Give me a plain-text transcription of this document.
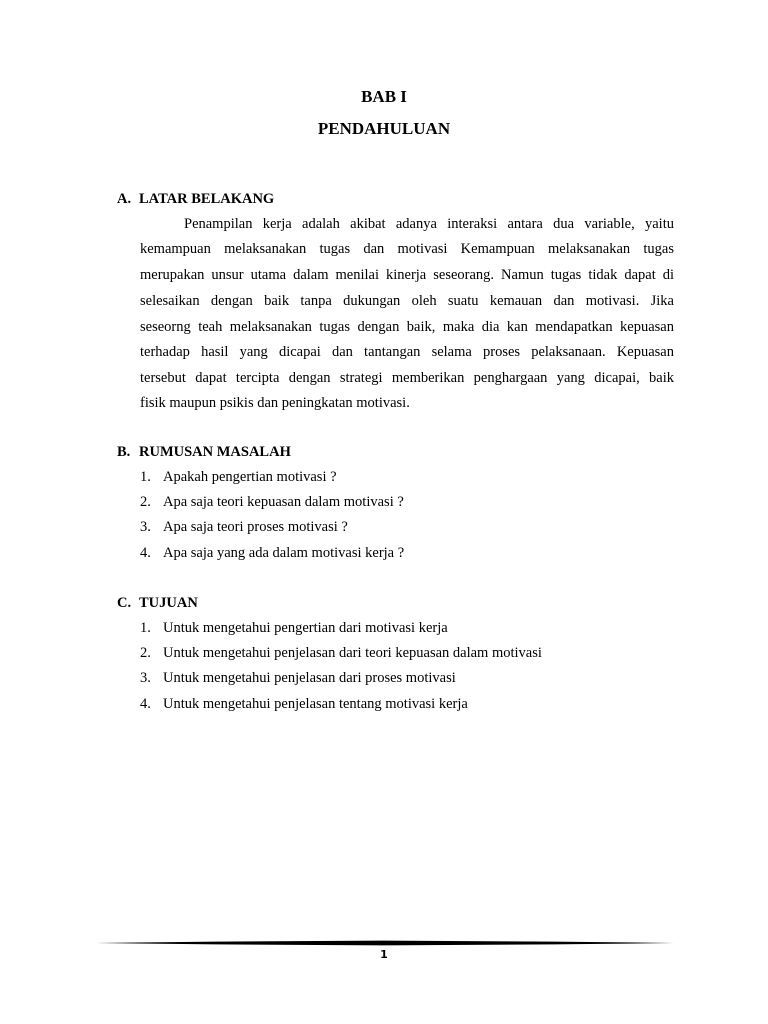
BAB I
PENDAHULUAN
A. LATAR BELAKANG
Penampilan kerja adalah akibat adanya interaksi antara dua variable, yaitu
kemampuan melaksanakan tugas dan motivasi Kemampuan melaksanakan tugas
merupakan unsur utama dalam menilai kinerja seseorang. Namun tugas tidak dapat di
selesaikan dengan baik tanpa dukungan oleh suatu kemauan dan motivasi. Jika
seseorng teah melaksanakan tugas dengan baik, maka dia kan mendapatkan kepuasan
terhadap hasil yang dicapai dan tantangan selama proses pelaksanaan. Kepuasan
tersebut dapat tercipta dengan strategi memberikan penghargaan yang dicapai, baik
fisik maupun psikis dan peningkatan motivasi.
B. RUMUSAN MASALAH
1. Apakah pengertian motivasi ?
2. Apa saja teori kepuasan dalam motivasi ?
3. Apa saja teori proses motivasi ?
4. Apa saja yang ada dalam motivasi kerja ?
C. TUJUAN
1. Untuk mengetahui pengertian dari motivasi kerja
2. Untuk mengetahui penjelasan dari teori kepuasan dalam motivasi
3. Untuk mengetahui penjelasan dari proses motivasi
4. Untuk mengetahui penjelasan tentang motivasi kerja
1
